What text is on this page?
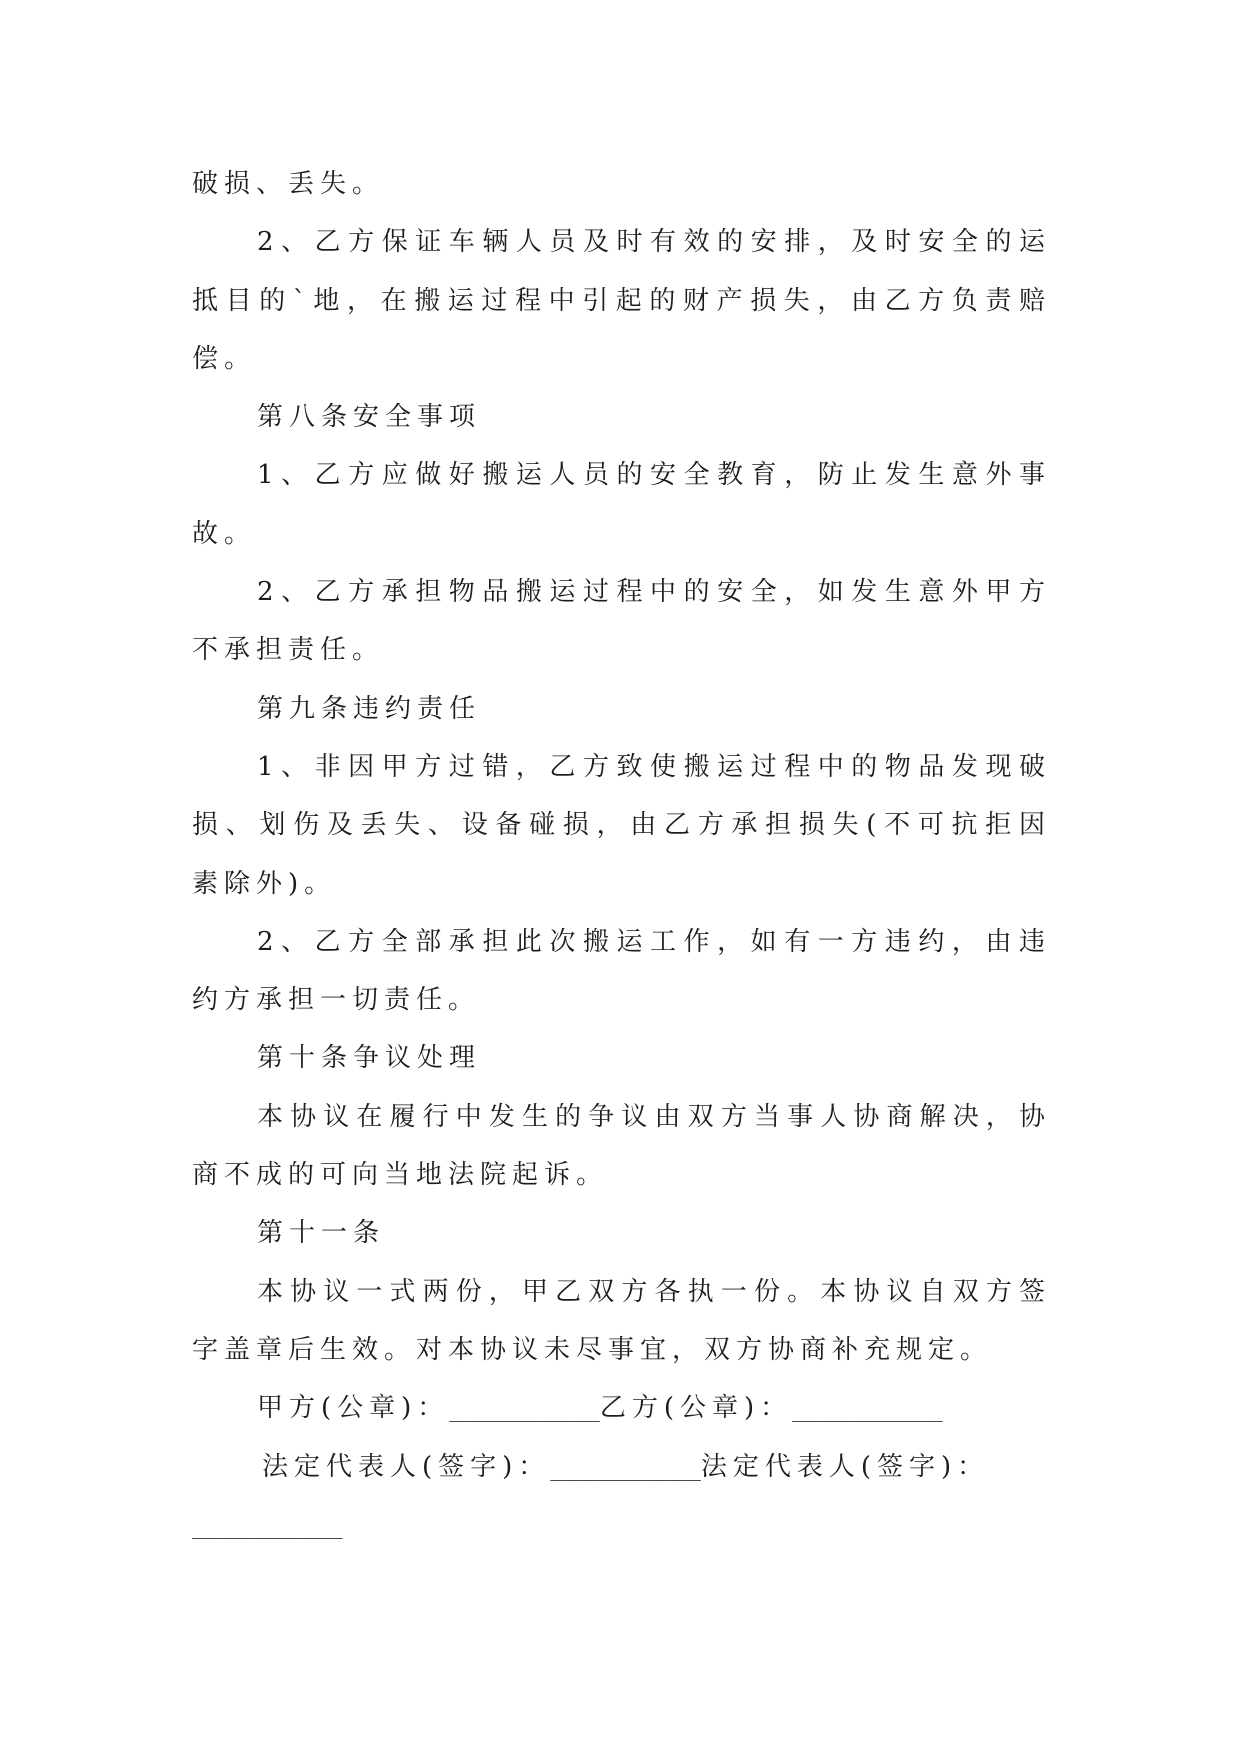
破损、丢失。
2、乙方保证车辆人员及时有效的安排，及时安全的运
抵目的`地，在搬运过程中引起的财产损失，由乙方负责赔
偿。
第八条安全事项
1、乙方应做好搬运人员的安全教育，防止发生意外事
故。
2、乙方承担物品搬运过程中的安全，如发生意外甲方
不承担责任。
第九条违约责任
1、非因甲方过错，乙方致使搬运过程中的物品发现破
损、划伤及丢失、设备碰损，由乙方承担损失(不可抗拒因
素除外)。
2、乙方全部承担此次搬运工作，如有一方违约，由违
约方承担一切责任。
第十条争议处理
本协议在履行中发生的争议由双方当事人协商解决，协
商不成的可向当地法院起诉。
第十一条
本协议一式两份，甲乙双方各执一份。本协议自双方签
字盖章后生效。对本协议未尽事宜，双方协商补充规定。
甲方(公章)：__________乙方(公章)：__________
法定代表人(签字)：__________法定代表人(签字)：
__________
